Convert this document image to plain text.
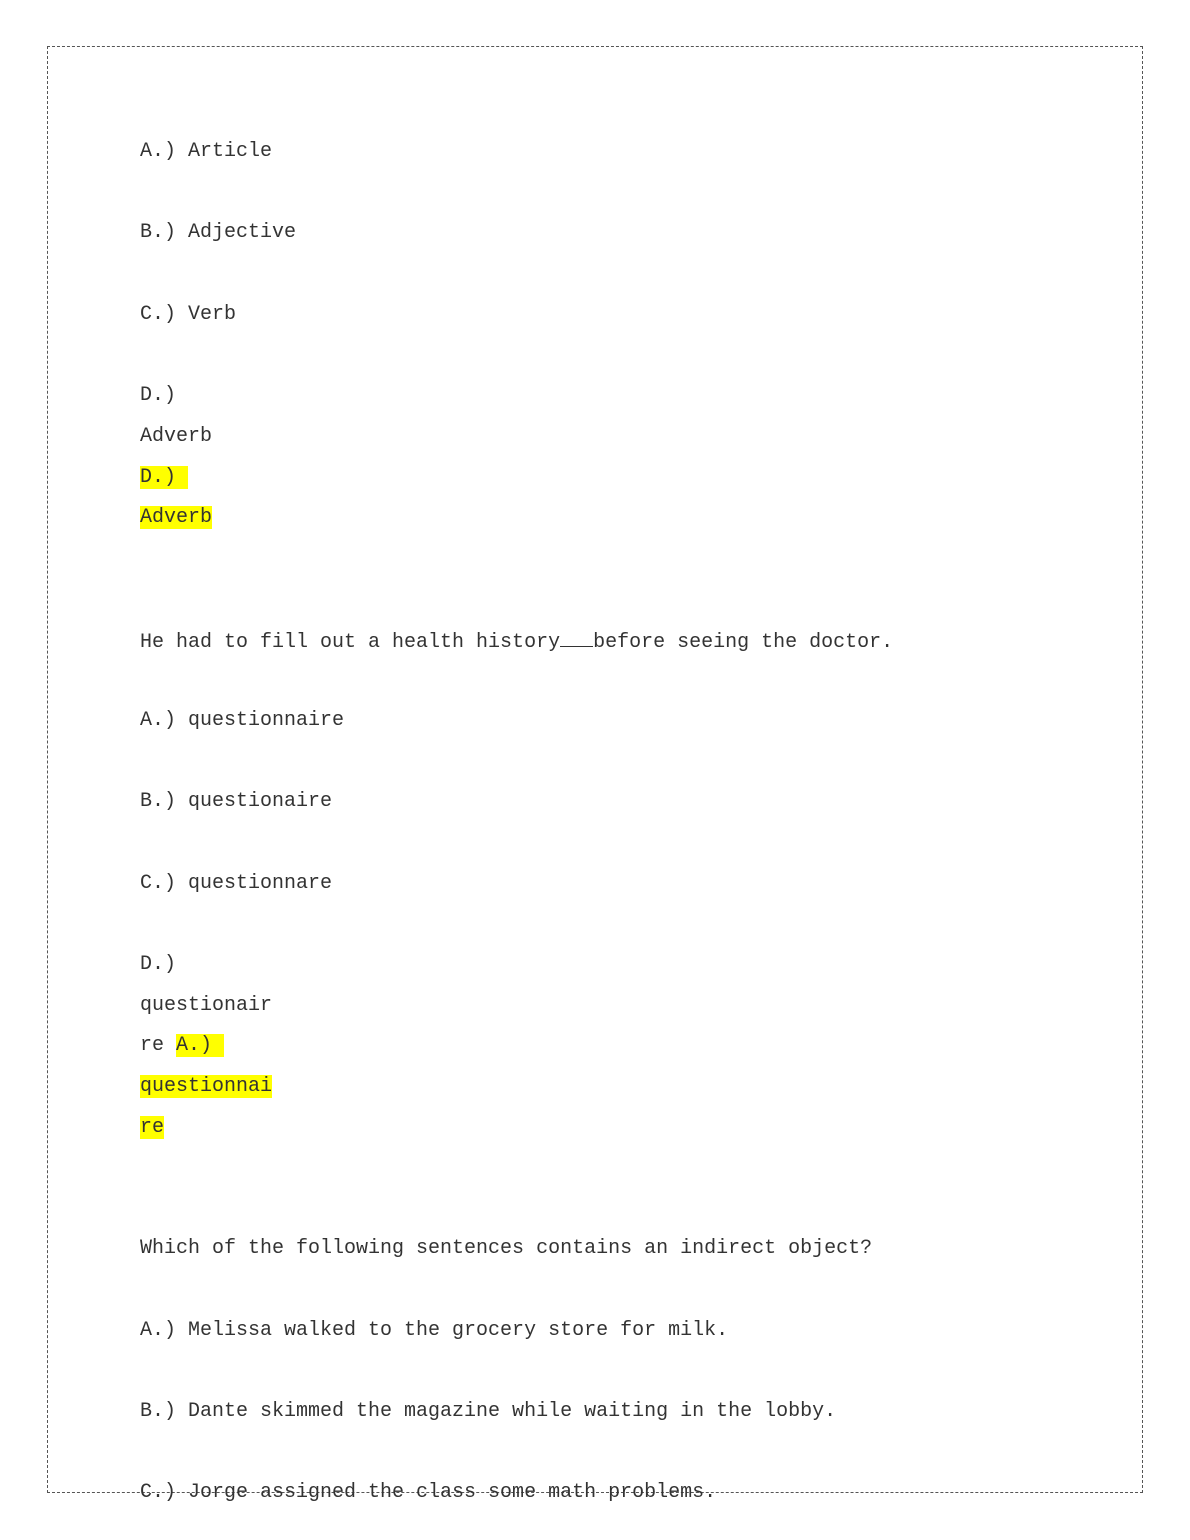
A.) Article
B.) Adjective
C.) Verb
D.)
Adverb
D.)
Adverb
He had to fill out a health history before seeing the doctor.
A.) questionnaire
B.) questionaire
C.) questionnare
D.)
questionair
re A.)
questionnai
re
Which of the following sentences contains an indirect object?
A.) Melissa walked to the grocery store for milk.
B.) Dante skimmed the magazine while waiting in the lobby.
C.) Jorge assigned the class some math problems.
